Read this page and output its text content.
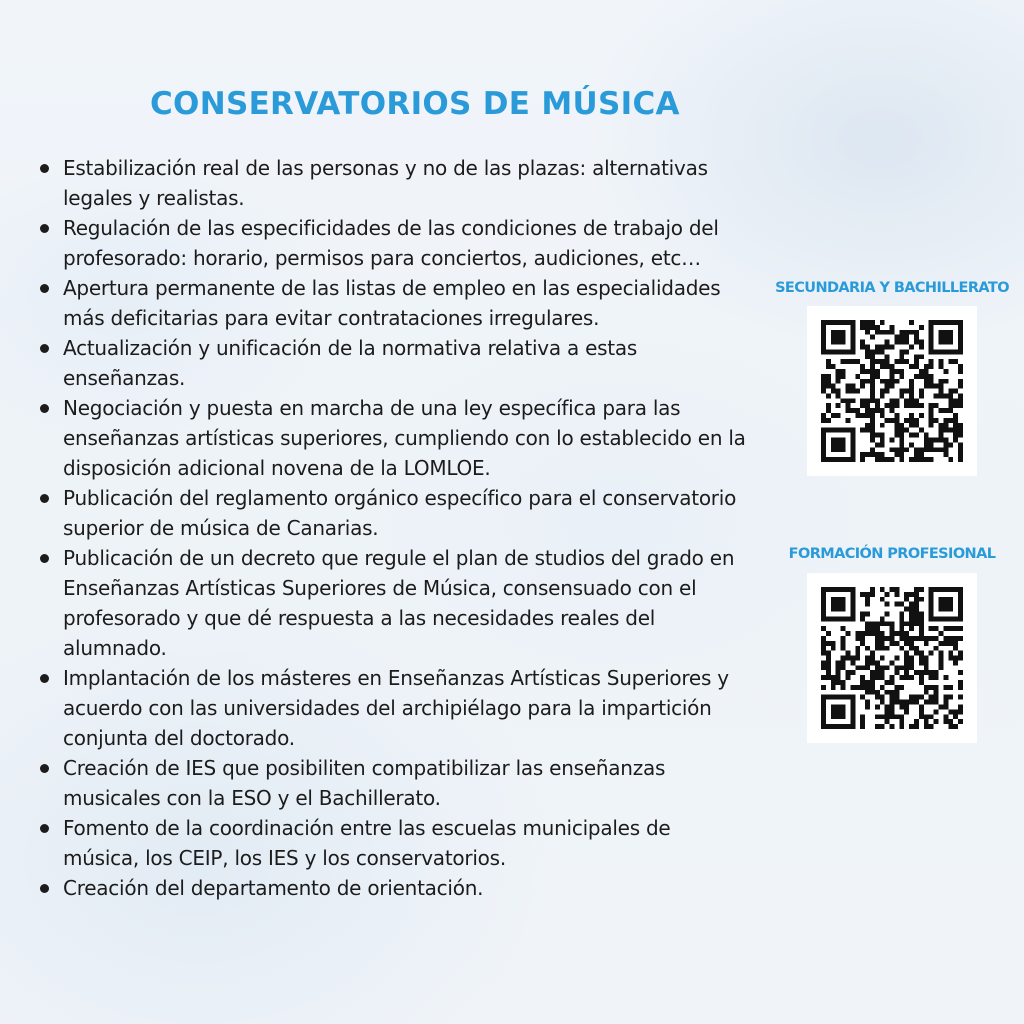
CONSERVATORIOS DE MÚSICA
Estabilización real de las personas y no de las plazas: alternativas legales y realistas.
Regulación de las especificidades de las condiciones de trabajo del profesorado: horario, permisos para conciertos, audiciones, etc…
Apertura permanente de las listas de empleo en las especialidades más deficitarias para evitar contrataciones irregulares.
Actualización y unificación de la normativa relativa a estas enseñanzas.
Negociación y puesta en marcha de una ley específica para las enseñanzas artísticas superiores, cumpliendo con lo establecido en la disposición adicional novena de la LOMLOE.
Publicación del reglamento orgánico específico para el conservatorio superior de música de Canarias.
Publicación de un decreto que regule el plan de studios del grado en Enseñanzas Artísticas Superiores de Música, consensuado con el profesorado y que dé respuesta a las necesidades reales del alumnado.
Implantación de los másteres en Enseñanzas Artísticas Superiores y acuerdo con las universidades del archipiélago para la impartición conjunta del doctorado.
Creación de IES que posibiliten compatibilizar las enseñanzas musicales con la ESO y el Bachillerato.
Fomento de la coordinación entre las escuelas municipales de música, los CEIP, los IES y los conservatorios.
Creación del departamento de orientación.
SECUNDARIA Y BACHILLERATO
FORMACIÓN PROFESIONAL
